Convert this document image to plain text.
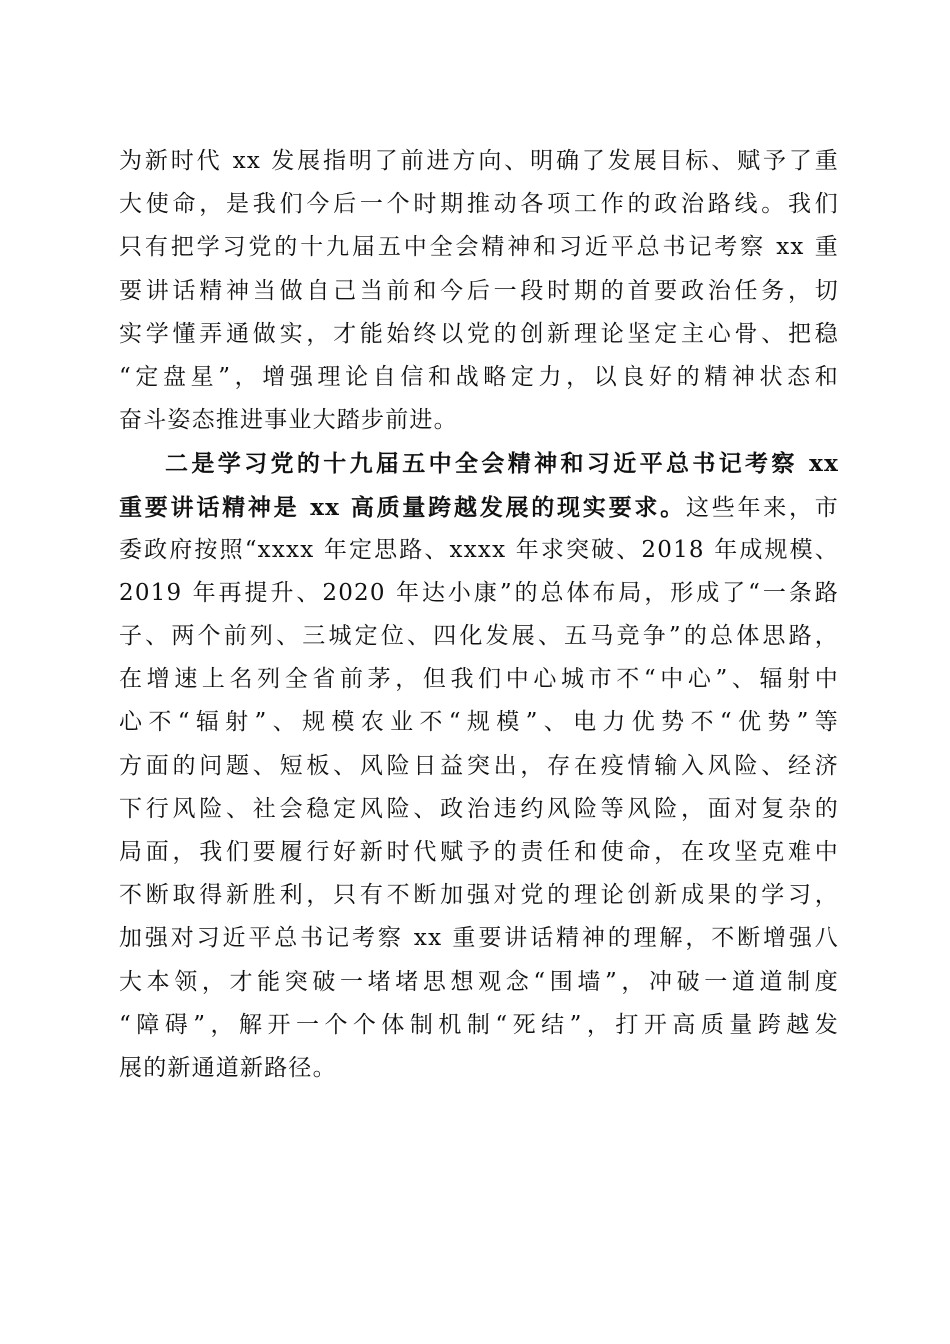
为新时代 xx 发展指明了前进方向、明确了发展目标、赋予了重
大使命，是我们今后一个时期推动各项工作的政治路线。我们
只有把学习党的十九届五中全会精神和习近平总书记考察 xx 重
要讲话精神当做自己当前和今后一段时期的首要政治任务，切
实学懂弄通做实，才能始终以党的创新理论坚定主心骨、把稳
“定盘星”，增强理论自信和战略定力，以良好的精神状态和
奋斗姿态推进事业大踏步前进。
二是学习党的十九届五中全会精神和习近平总书记考察 xx
重要讲话精神是 xx 高质量跨越发展的现实要求。这些年来，市
委政府按照“xxxx 年定思路、xxxx 年求突破、2018 年成规模、
2019 年再提升、2020 年达小康”的总体布局，形成了“一条路
子、两个前列、三城定位、四化发展、五马竞争”的总体思路，
在增速上名列全省前茅，但我们中心城市不“中心”、辐射中
心不“辐射”、规模农业不“规模”、电力优势不“优势”等
方面的问题、短板、风险日益突出，存在疫情输入风险、经济
下行风险、社会稳定风险、政治违约风险等风险，面对复杂的
局面，我们要履行好新时代赋予的责任和使命，在攻坚克难中
不断取得新胜利，只有不断加强对党的理论创新成果的学习，
加强对习近平总书记考察 xx 重要讲话精神的理解，不断增强八
大本领，才能突破一堵堵思想观念“围墙”，冲破一道道制度
“障碍”，解开一个个体制机制“死结”，打开高质量跨越发
展的新通道新路径。
